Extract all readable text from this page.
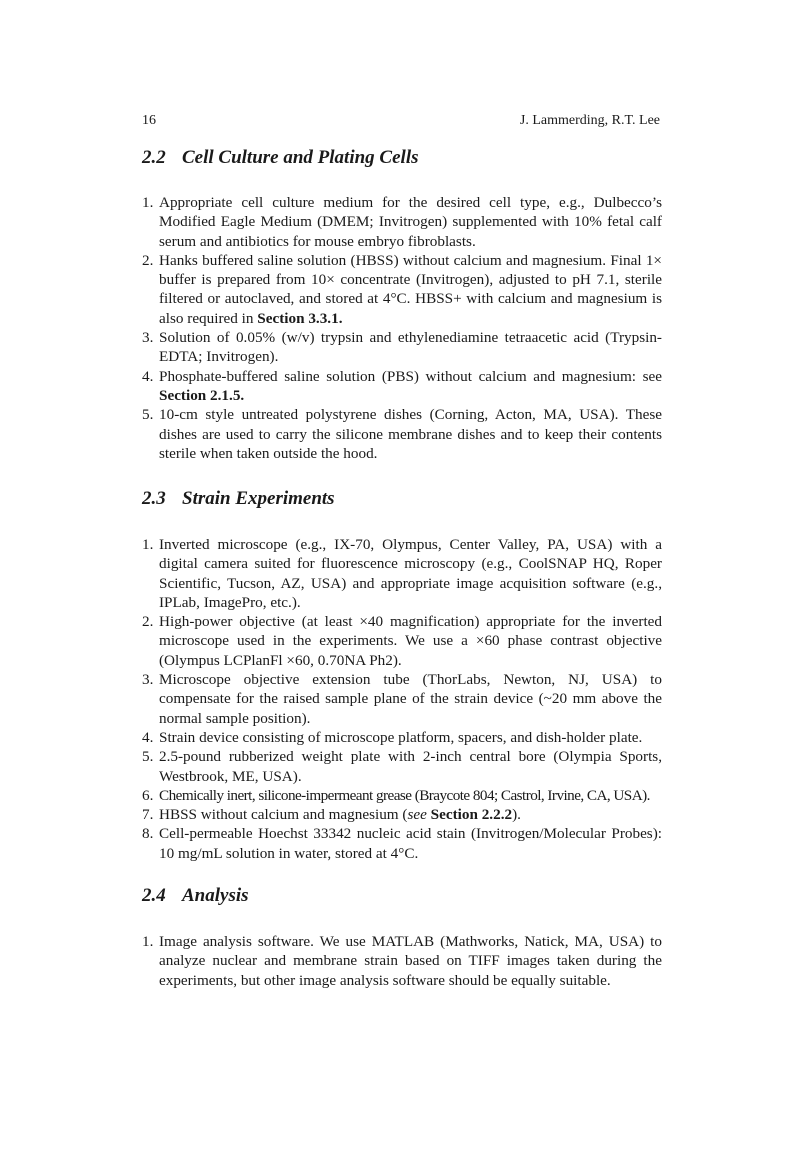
16	J. Lammerding, R.T. Lee
2.2 Cell Culture and Plating Cells
1. Appropriate cell culture medium for the desired cell type, e.g., Dulbecco’s Modified Eagle Medium (DMEM; Invitrogen) supplemented with 10% fetal calf serum and antibiotics for mouse embryo fibroblasts.
2. Hanks buffered saline solution (HBSS) without calcium and magnesium. Final 1× buffer is prepared from 10× concentrate (Invitrogen), adjusted to pH 7.1, sterile filtered or autoclaved, and stored at 4°C. HBSS+ with calcium and magnesium is also required in Section 3.3.1.
3. Solution of 0.05% (w/v) trypsin and ethylenediamine tetraacetic acid (Trypsin-EDTA; Invitrogen).
4. Phosphate-buffered saline solution (PBS) without calcium and magnesium: see Section 2.1.5.
5. 10-cm style untreated polystyrene dishes (Corning, Acton, MA, USA). These dishes are used to carry the silicone membrane dishes and to keep their contents sterile when taken outside the hood.
2.3 Strain Experiments
1. Inverted microscope (e.g., IX-70, Olympus, Center Valley, PA, USA) with a digital camera suited for fluorescence microscopy (e.g., CoolSNAP HQ, Roper Scientific, Tucson, AZ, USA) and appropriate image acquisition software (e.g., IPLab, ImagePro, etc.).
2. High-power objective (at least ×40 magnification) appropriate for the inverted microscope used in the experiments. We use a ×60 phase contrast objective (Olympus LCPlanFl ×60, 0.70NA Ph2).
3. Microscope objective extension tube (ThorLabs, Newton, NJ, USA) to compensate for the raised sample plane of the strain device (~20 mm above the normal sample position).
4. Strain device consisting of microscope platform, spacers, and dish-holder plate.
5. 2.5-pound rubberized weight plate with 2-inch central bore (Olympia Sports, Westbrook, ME, USA).
6. Chemically inert, silicone-impermeant grease (Braycote 804; Castrol, Irvine, CA, USA).
7. HBSS without calcium and magnesium (see Section 2.2.2).
8. Cell-permeable Hoechst 33342 nucleic acid stain (Invitrogen/Molecular Probes): 10 mg/mL solution in water, stored at 4°C.
2.4 Analysis
1. Image analysis software. We use MATLAB (Mathworks, Natick, MA, USA) to analyze nuclear and membrane strain based on TIFF images taken during the experiments, but other image analysis software should be equally suitable.
